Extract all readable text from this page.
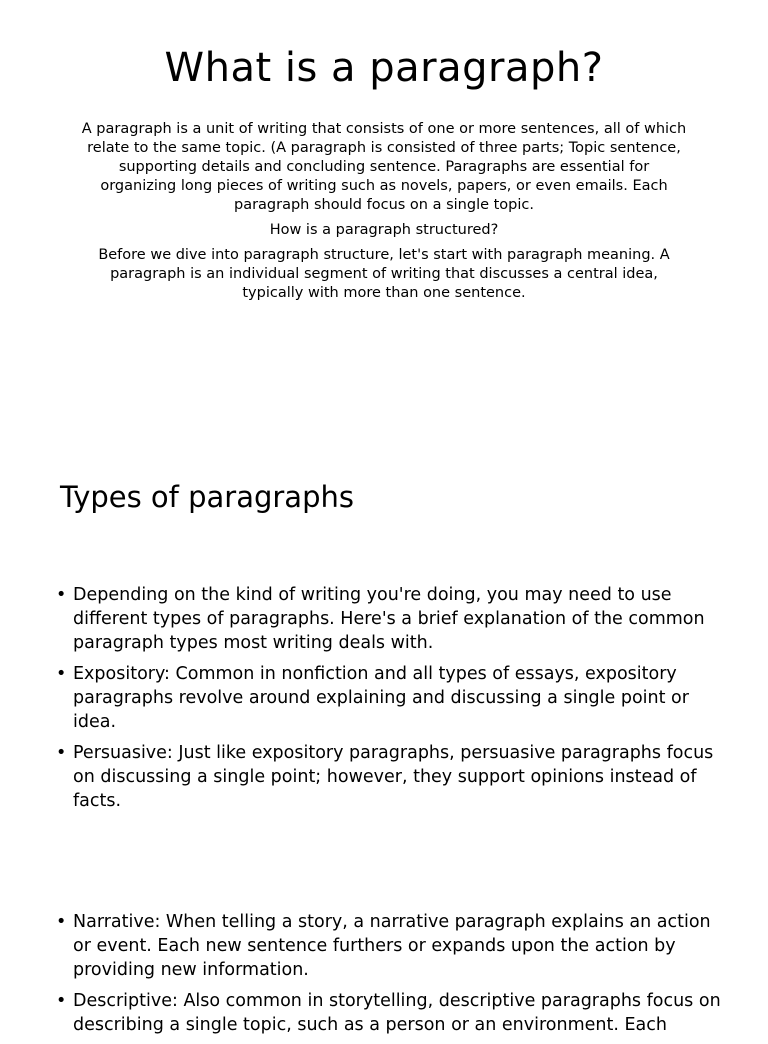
What is a paragraph?

A paragraph is a unit of writing that consists of one or more sentences, all of which relate to the same topic. (A paragraph is consisted of three parts; Topic sentence, supporting details and concluding sentence. Paragraphs are essential for organizing long pieces of writing such as novels, papers, or even emails. Each paragraph should focus on a single topic.

How is a paragraph structured?

Before we dive into paragraph structure, let's start with paragraph meaning. A paragraph is an individual segment of writing that discusses a central idea, typically with more than one sentence.

Types of paragraphs
• Depending on the kind of writing you're doing, you may need to use different types of paragraphs. Here's a brief explanation of the common paragraph types most writing deals with.
• Expository: Common in nonfiction and all types of essays, expository paragraphs revolve around explaining and discussing a single point or idea.
• Persuasive: Just like expository paragraphs, persuasive paragraphs focus on discussing a single point; however, they support opinions instead of facts.
• Narrative: When telling a story, a narrative paragraph explains an action or event. Each new sentence furthers or expands upon the action by providing new information.
• Descriptive: Also common in storytelling, descriptive paragraphs focus on describing a single topic, such as a person or an environment. Each
